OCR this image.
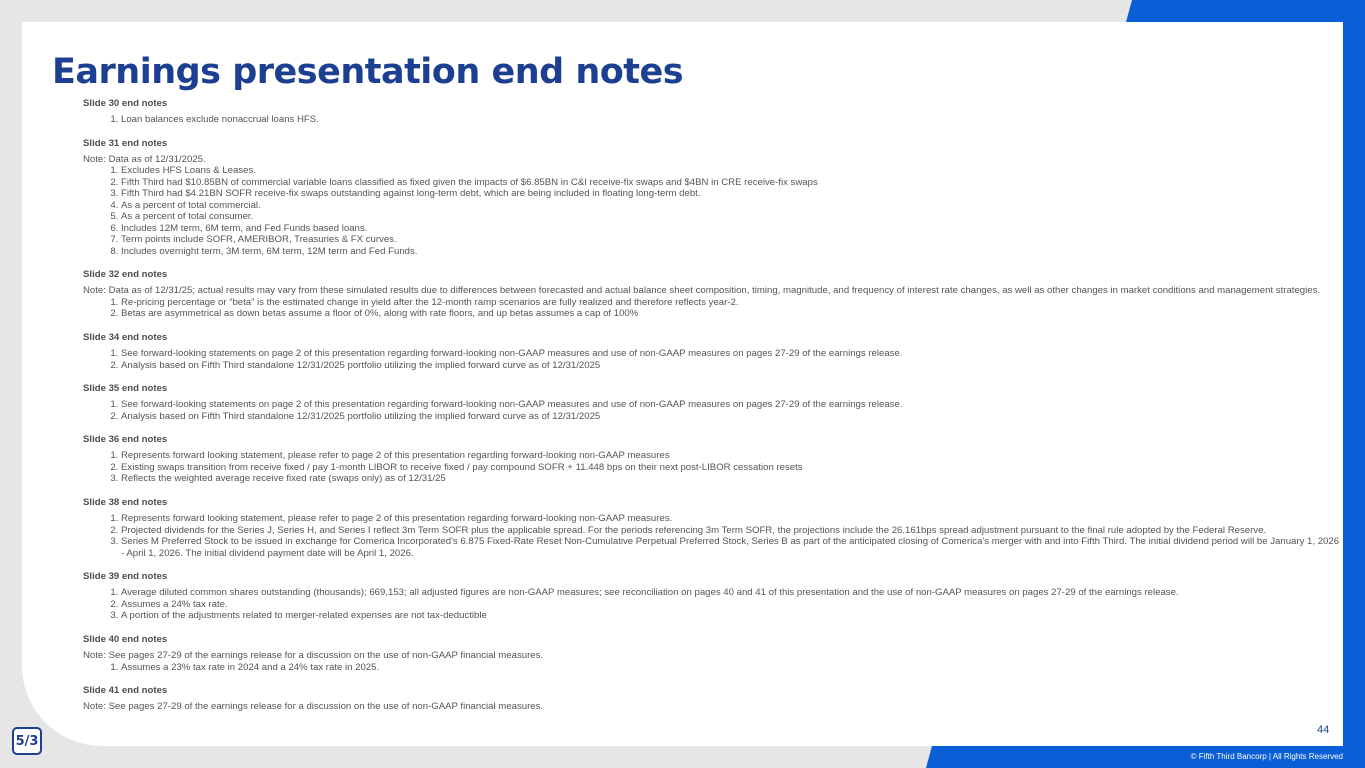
Earnings presentation end notes
Slide 30 end notes
1. Loan balances exclude nonaccrual loans HFS.
Slide 31 end notes
Note: Data as of 12/31/2025.
1. Excludes HFS Loans & Leases.
2. Fifth Third had $10.85BN of commercial variable loans classified as fixed given the impacts of $6.85BN in C&I receive-fix swaps and $4BN in CRE receive-fix swaps
3. Fifth Third had $4.21BN SOFR receive-fix swaps outstanding against long-term debt, which are being included in floating long-term debt.
4. As a percent of total commercial.
5. As a percent of total consumer.
6. Includes 12M term, 6M term, and Fed Funds based loans.
7. Term points include SOFR, AMERIBOR, Treasuries & FX curves.
8. Includes overnight term, 3M term, 6M term, 12M term and Fed Funds.
Slide 32 end notes
Note: Data as of 12/31/25; actual results may vary from these simulated results due to differences between forecasted and actual balance sheet composition, timing, magnitude, and frequency of interest rate changes, as well as other changes in market conditions and management strategies.
1. Re-pricing percentage or “beta” is the estimated change in yield after the 12-month ramp scenarios are fully realized and therefore reflects year-2.
2. Betas are asymmetrical as down betas assume a floor of 0%, along with rate floors, and up betas assumes a cap of 100%
Slide 34 end notes
1. See forward-looking statements on page 2 of this presentation regarding forward-looking non-GAAP measures and use of non-GAAP measures on pages 27-29 of the earnings release.
2. Analysis based on Fifth Third standalone 12/31/2025 portfolio utilizing the implied forward curve as of 12/31/2025
Slide 35 end notes
1. See forward-looking statements on page 2 of this presentation regarding forward-looking non-GAAP measures and use of non-GAAP measures on pages 27-29 of the earnings release.
2. Analysis based on Fifth Third standalone 12/31/2025 portfolio utilizing the implied forward curve as of 12/31/2025
Slide 36 end notes
1. Represents forward looking statement, please refer to page 2 of this presentation regarding forward-looking non-GAAP measures
2. Existing swaps transition from receive fixed / pay 1-month LIBOR to receive fixed / pay compound SOFR + 11.448 bps on their next post-LIBOR cessation resets
3. Reflects the weighted average receive fixed rate (swaps only) as of 12/31/25
Slide 38 end notes
1. Represents forward looking statement, please refer to page 2 of this presentation regarding forward-looking non-GAAP measures.
2. Projected dividends for the Series J, Series H, and Series I reflect 3m Term SOFR plus the applicable spread. For the periods referencing 3m Term SOFR, the projections include the 26.161bps spread adjustment pursuant to the final rule adopted by the Federal Reserve.
3. Series M Preferred Stock to be issued in exchange for Comerica Incorporated's 6.875 Fixed-Rate Reset Non-Cumulative Perpetual Preferred Stock, Series B as part of the anticipated closing of Comerica's merger with and into Fifth Third. The initial dividend period will be January 1, 2026 - April 1, 2026. The initial dividend payment date will be April 1, 2026.
Slide 39 end notes
1. Average diluted common shares outstanding (thousands); 669,153; all adjusted figures are non-GAAP measures; see reconciliation on pages 40 and 41 of this presentation and the use of non-GAAP measures on pages 27-29 of the earnings release.
2. Assumes a 24% tax rate.
3. A portion of the adjustments related to merger-related expenses are not tax-deductible
Slide 40 end notes
Note: See pages 27-29 of the earnings release for a discussion on the use of non-GAAP financial measures.
1. Assumes a 23% tax rate in 2024 and a 24% tax rate in 2025.
Slide 41 end notes
Note: See pages 27-29 of the earnings release for a discussion on the use of non-GAAP financial measures.
5/3
44
© Fifth Third Bancorp | All Rights Reserved
